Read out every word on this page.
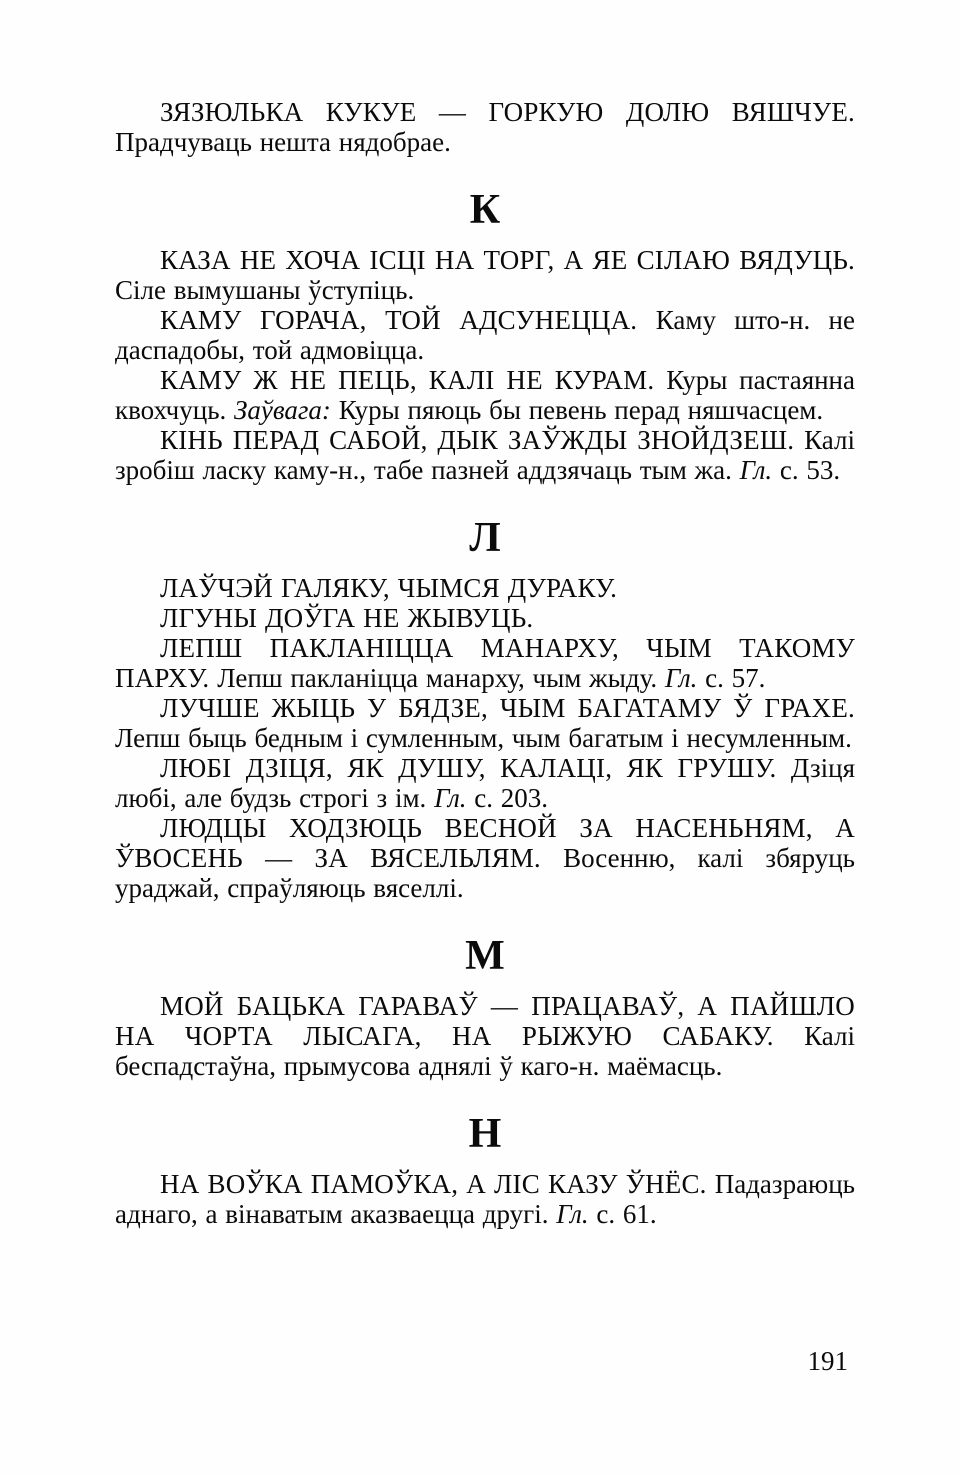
ЗЯЗЮЛЬКА КУКУЕ — ГОРКУЮ ДОЛЮ ВЯШЧУЕ. Прадчуваць нешта нядобрае.

К

КАЗА НЕ ХОЧА ІСЦІ НА ТОРГ, А ЯЕ СІЛАЮ ВЯДУЦЬ. Сіле вымушаны ўступіць.

КАМУ ГОРАЧА, ТОЙ АДСУНЕЦЦА. Каму што-н. не даспадобы, той адмовіцца.

КАМУ Ж НЕ ПЕЦЬ, КАЛІ НЕ КУРАМ. Куры пастаянна квохчуць. Заўвага: Куры пяюць бы певень перад няшчасцем.

КІНЬ ПЕРАД САБОЙ, ДЫК ЗАЎЖДЫ ЗНОЙДЗЕШ. Калі зробіш ласку каму-н., табе пазней аддзячаць тым жа. Гл. с. 53.

Л

ЛАЎЧЭЙ ГАЛЯКУ, ЧЫМСЯ ДУРАКУ.

ЛГУНЫ ДОЎГА НЕ ЖЫВУЦЬ.

ЛЕПШ ПАКЛАНІЦЦА МАНАРХУ, ЧЫМ ТАКОМУ ПАРХУ. Лепш пакланіцца манарху, чым жыду. Гл. с. 57.

ЛУЧШЕ ЖЫЦЬ У БЯДЗЕ, ЧЫМ БАГАТАМУ Ў ГРАХЕ. Лепш быць бедным і сумленным, чым багатым і несумленным.

ЛЮБІ ДЗІЦЯ, ЯК ДУШУ, КАЛАЦІ, ЯК ГРУШУ. Дзіця любі, але будзь строгі з ім. Гл. с. 203.

ЛЮДЦЫ ХОДЗЮЦЬ ВЕСНОЙ ЗА НАСЕНЬНЯМ, А ЎВОСЕНЬ — ЗА ВЯСЕЛЬЛЯМ. Восенню, калі збяруць ураджай, спраўляюць вяселлі.

М

МОЙ БАЦЬКА ГАРАВАЎ — ПРАЦАВАЎ, А ПАЙШЛО НА ЧОРТА ЛЫСАГА, НА РЫЖУЮ САБАКУ. Калі беспадстаўна, прымусова аднялі ў каго-н. маёмасць.

Н

НА ВОЎКА ПАМОЎКА, А ЛІС КАЗУ ЎНЁС. Падазраюць аднаго, а вінаватым аказваецца другі. Гл. с. 61.

191
